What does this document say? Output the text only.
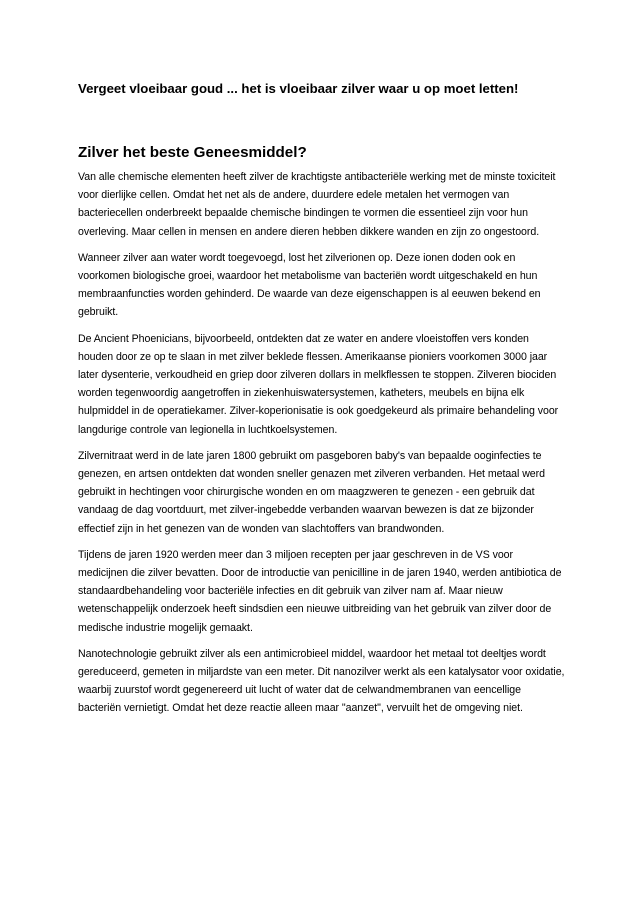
Vergeet vloeibaar goud ... het is vloeibaar zilver waar u op moet letten!
Zilver het beste Geneesmiddel?

Van alle chemische elementen heeft zilver de krachtigste antibacteriële werking met de minste toxiciteit voor dierlijke cellen. Omdat het net als de andere, duurdere edele metalen het vermogen van bacteriecellen onderbreekt bepaalde chemische bindingen te vormen die essentieel zijn voor hun overleving. Maar cellen in mensen en andere dieren hebben dikkere wanden en zijn zo ongestoord.

Wanneer zilver aan water wordt toegevoegd, lost het zilverionen op. Deze ionen doden ook en voorkomen biologische groei, waardoor het metabolisme van bacteriën wordt uitgeschakeld en hun membraanfuncties worden gehinderd. De waarde van deze eigenschappen is al eeuwen bekend en gebruikt.

De Ancient Phoenicians, bijvoorbeeld, ontdekten dat ze water en andere vloeistoffen vers konden houden door ze op te slaan in met zilver beklede flessen. Amerikaanse pioniers voorkomen 3000 jaar later dysenterie, verkoudheid en griep door zilveren dollars in melkflessen te stoppen. Zilveren biociden worden tegenwoordig aangetroffen in ziekenhuiswatersystemen, katheters, meubels en bijna elk hulpmiddel in de operatiekamer. Zilver-koperionisatie is ook goedgekeurd als primaire behandeling voor langdurige controle van legionella in luchtkoelsystemen.

Zilvernitraat werd in de late jaren 1800 gebruikt om pasgeboren baby's van bepaalde ooginfecties te genezen, en artsen ontdekten dat wonden sneller genazen met zilveren verbanden. Het metaal werd gebruikt in hechtingen voor chirurgische wonden en om maagzweren te genezen - een gebruik dat vandaag de dag voortduurt, met zilver-ingebedde verbanden waarvan bewezen is dat ze bijzonder effectief zijn in het genezen van de wonden van slachtoffers van brandwonden.

Tijdens de jaren 1920 werden meer dan 3 miljoen recepten per jaar geschreven in de VS voor medicijnen die zilver bevatten. Door de introductie van penicilline in de jaren 1940, werden antibiotica de standaardbehandeling voor bacteriële infecties en dit gebruik van zilver nam af. Maar nieuw wetenschappelijk onderzoek heeft sindsdien een nieuwe uitbreiding van het gebruik van zilver door de medische industrie mogelijk gemaakt.

Nanotechnologie gebruikt zilver als een antimicrobieel middel, waardoor het metaal tot deeltjes wordt gereduceerd, gemeten in miljardste van een meter. Dit nanozilver werkt als een katalysator voor oxidatie, waarbij zuurstof wordt gegenereerd uit lucht of water dat de celwandmembranen van eencellige bacteriën vernietigt. Omdat het deze reactie alleen maar "aanzet", vervuilt het de omgeving niet.
